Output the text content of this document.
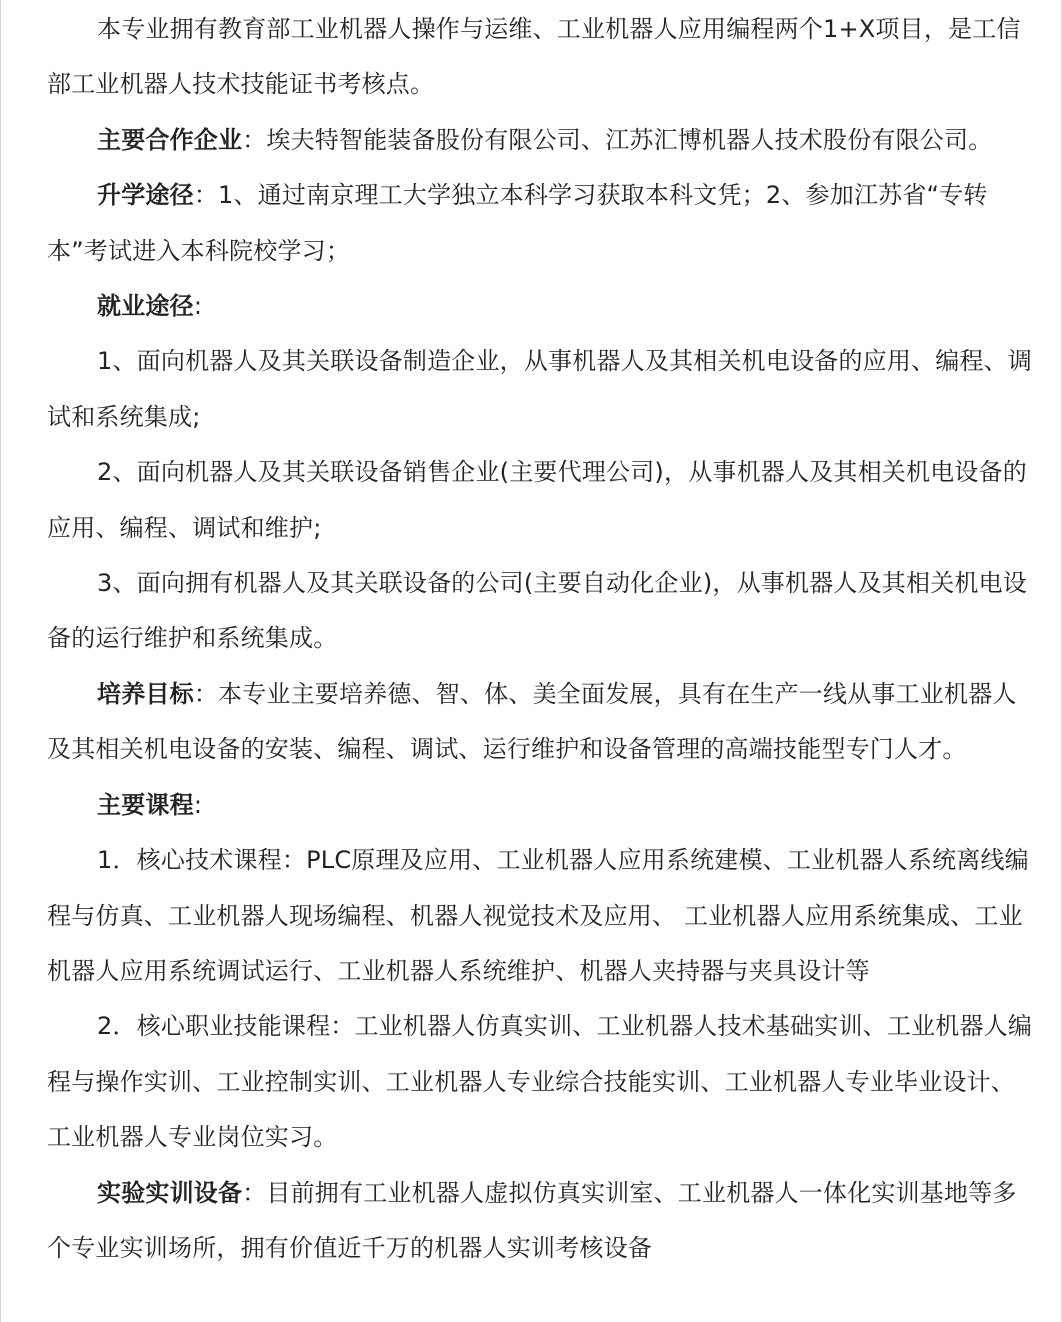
本专业拥有教育部工业机器人操作与运维、工业机器人应用编程两个1+X项目，是工信部工业机器人技术技能证书考核点。

主要合作企业：埃夫特智能装备股份有限公司、江苏汇博机器人技术股份有限公司。

升学途径：1、通过南京理工大学独立本科学习获取本科文凭；2、参加江苏省“专转本”考试进入本科院校学习；

就业途径:

1、面向机器人及其关联设备制造企业，从事机器人及其相关机电设备的应用、编程、调试和系统集成;

2、面向机器人及其关联设备销售企业(主要代理公司)，从事机器人及其相关机电设备的应用、编程、调试和维护;

3、面向拥有机器人及其关联设备的公司(主要自动化企业)，从事机器人及其相关机电设备的运行维护和系统集成。

培养目标：本专业主要培养德、智、体、美全面发展，具有在生产一线从事工业机器人及其相关机电设备的安装、编程、调试、运行维护和设备管理的高端技能型专门人才。

主要课程:

1．核心技术课程：PLC原理及应用、工业机器人应用系统建模、工业机器人系统离线编程与仿真、工业机器人现场编程、机器人视觉技术及应用、 工业机器人应用系统集成、工业机器人应用系统调试运行、工业机器人系统维护、机器人夹持器与夹具设计等

2．核心职业技能课程：工业机器人仿真实训、工业机器人技术基础实训、工业机器人编程与操作实训、工业控制实训、工业机器人专业综合技能实训、工业机器人专业毕业设计、工业机器人专业岗位实习。

实验实训设备：目前拥有工业机器人虚拟仿真实训室、工业机器人一体化实训基地等多个专业实训场所，拥有价值近千万的机器人实训考核设备
